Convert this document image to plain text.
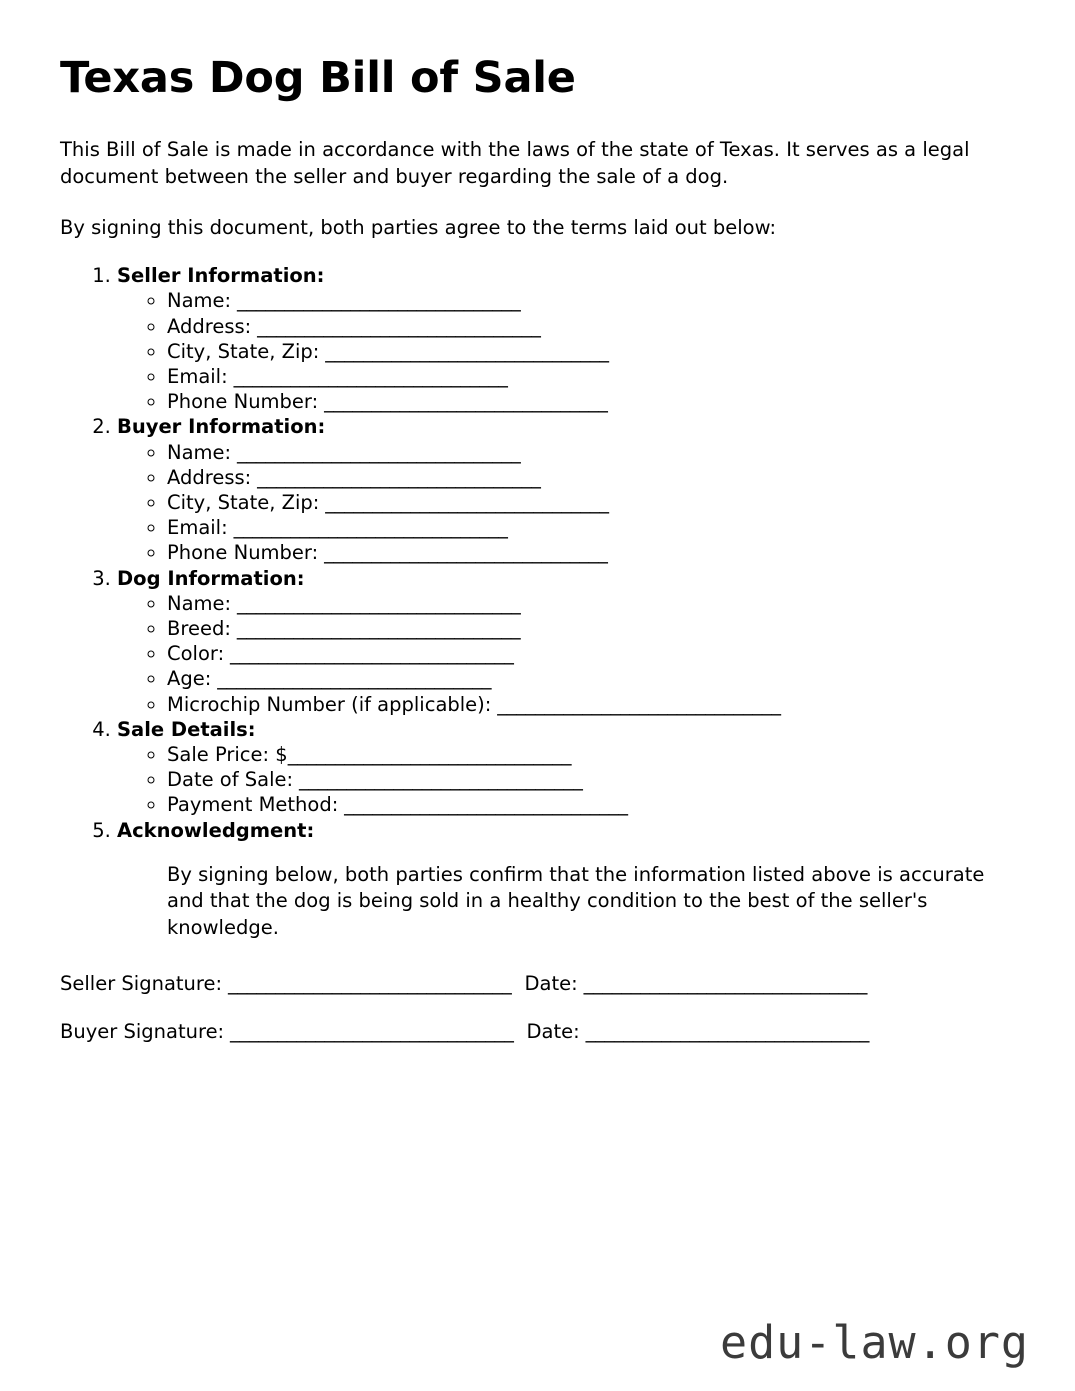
Texas Dog Bill of Sale

This Bill of Sale is made in accordance with the laws of the state of Texas. It serves as a legal document between the seller and buyer regarding the sale of a dog.

By signing this document, both parties agree to the terms laid out below:

1. Seller Information:
◦ Name: ______________________________
◦ Address: ______________________________
◦ City, State, Zip: ______________________________
◦ Email: _____________________________
◦ Phone Number: ______________________________
2. Buyer Information:
◦ Name: ______________________________
◦ Address: ______________________________
◦ City, State, Zip: ______________________________
◦ Email: _____________________________
◦ Phone Number: ______________________________
3. Dog Information:
◦ Name: ______________________________
◦ Breed: ______________________________
◦ Color: ______________________________
◦ Age: _____________________________
◦ Microchip Number (if applicable): ______________________________
4. Sale Details:
◦ Sale Price: $______________________________
◦ Date of Sale: ______________________________
◦ Payment Method: ______________________________
5. Acknowledgment:

By signing below, both parties confirm that the information listed above is accurate and that the dog is being sold in a healthy condition to the best of the seller's knowledge.

Seller Signature: ______________________________ Date: ______________________________
Buyer Signature: ______________________________ Date: ______________________________
edu-law.org
